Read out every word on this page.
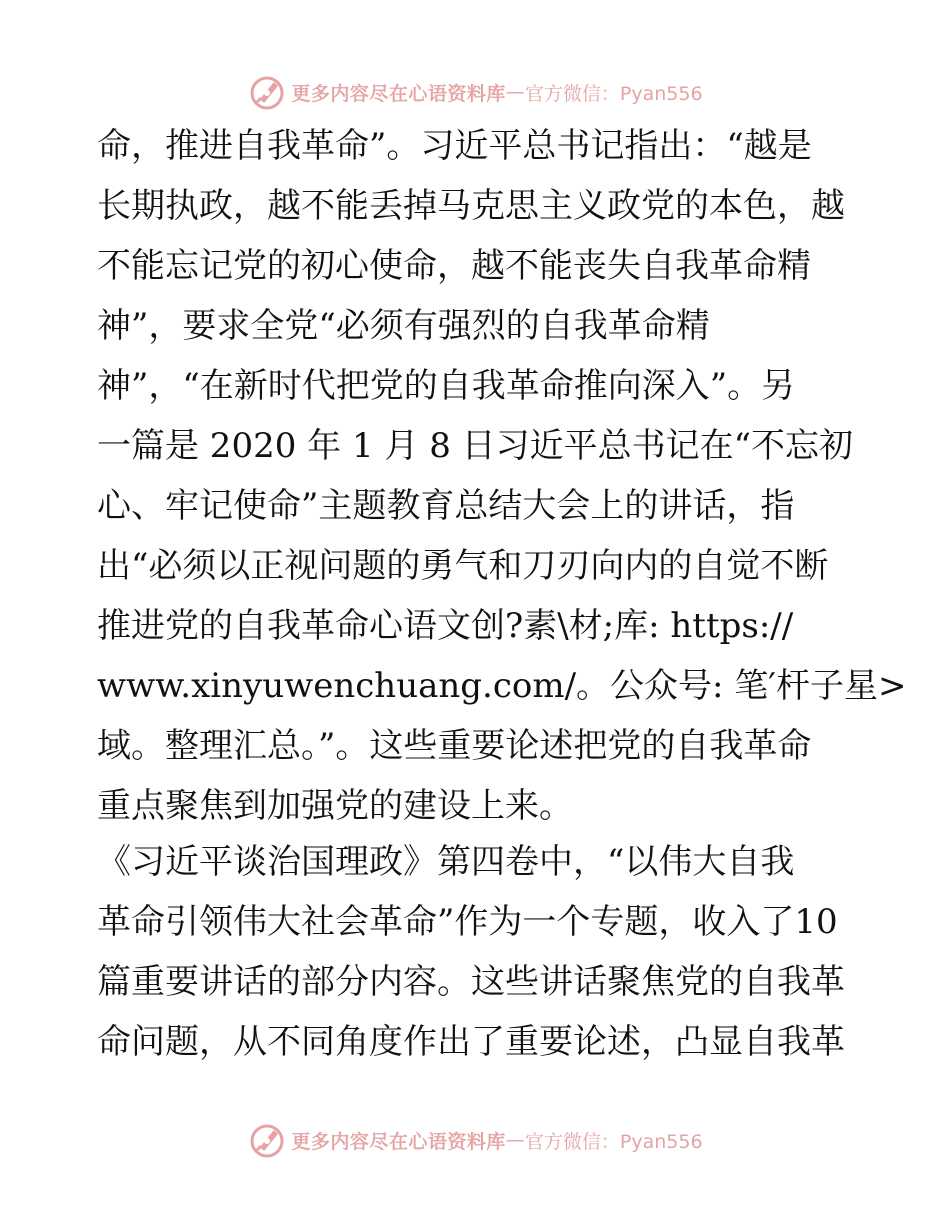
更多内容尽在心语资料库 — 官方微信：Pyan556
命，推进自我革命”。习近平总书记指出：“越是
长期执政，越不能丢掉马克思主义政党的本色，越
不能忘记党的初心使命，越不能丧失自我革命精
神”，要求全党“必须有强烈的自我革命精
神”，“在新时代把党的自我革命推向深入”。另
一篇是 2020 年 1 月 8 日习近平总书记在“不忘初
心、牢记使命”主题教育总结大会上的讲话，指
出“必须以正视问题的勇气和刀刃向内的自觉不断
推进党的自我革命心语文创?素\材;库: https://
www.xinyuwenchuang.com/。公众号: 笔′杆子星>
域。整理汇总。”。这些重要论述把党的自我革命
重点聚焦到加强党的建设上来。
《习近平谈治国理政》第四卷中，“以伟大自我
革命引领伟大社会革命”作为一个专题，收入了10
篇重要讲话的部分内容。这些讲话聚焦党的自我革
命问题，从不同角度作出了重要论述，凸显自我革
更多内容尽在心语资料库 — 官方微信：Pyan556
